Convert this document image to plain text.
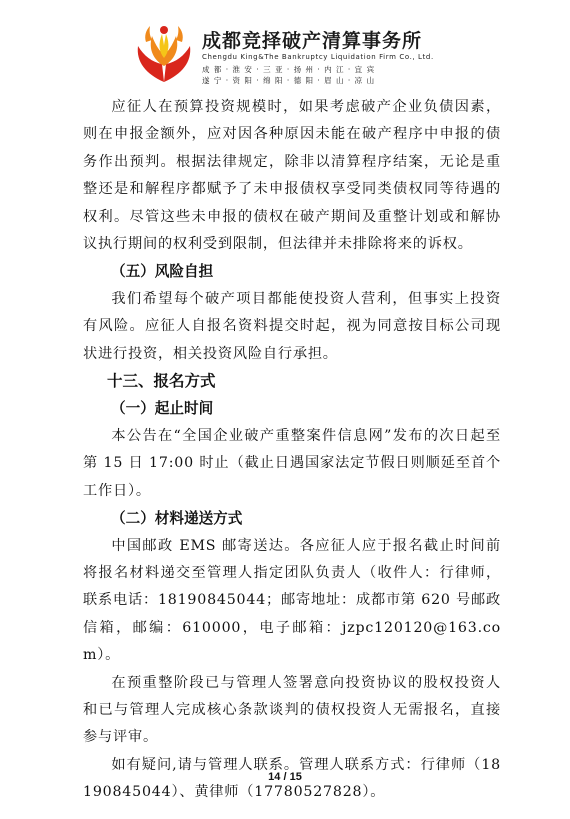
成都竞择破产清算事务所
Chengdu King&The Bankruptcy Liquidation Firm Co., Ltd.
成 都 · 淮 安 · 三 亚 · 扬 州 · 内 江 · 宜 宾
遂 宁 · 资 阳 · 绵 阳 · 德 阳 · 眉 山 · 凉 山

应征人在预算投资规模时，如果考虑破产企业负债因素，则在申报金额外，应对因各种原因未能在破产程序中申报的债务作出预判。根据法律规定，除非以清算程序结案，无论是重整还是和解程序都赋予了未申报债权享受同类债权同等待遇的权利。尽管这些未申报的债权在破产期间及重整计划或和解协议执行期间的权利受到限制，但法律并未排除将来的诉权。

（五）风险自担

我们希望每个破产项目都能使投资人营利，但事实上投资有风险。应征人自报名资料提交时起，视为同意按目标公司现状进行投资，相关投资风险自行承担。

十三、报名方式

（一）起止时间

本公告在“全国企业破产重整案件信息网”发布的次日起至第 15 日 17:00 时止（截止日遇国家法定节假日则顺延至首个工作日）。

（二）材料递送方式

中国邮政 EMS 邮寄送达。各应征人应于报名截止时间前将报名材料递交至管理人指定团队负责人（收件人：行律师，联系电话：18190845044；邮寄地址：成都市第 620 号邮政信箱，邮编：610000，电子邮箱：jzpc120120@163.com）。

在预重整阶段已与管理人签署意向投资协议的股权投资人和已与管理人完成核心条款谈判的债权投资人无需报名，直接参与评审。

如有疑问,请与管理人联系。管理人联系方式：行律师（18190845044）、黄律师（17780527828）。

14 / 15
